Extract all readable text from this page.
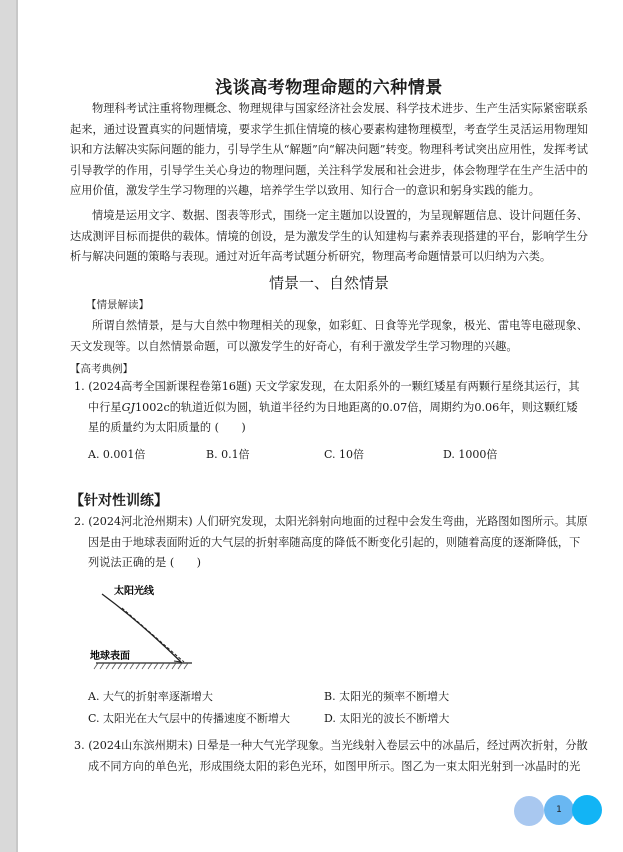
浅谈高考物理命题的六种情景
物理科考试注重将物理概念、物理规律与国家经济社会发展、科学技术进步、生产生活实际紧密联系起来，通过设置真实的问题情境，要求学生抓住情境的核心要素构建物理模型，考查学生灵活运用物理知识和方法解决实际问题的能力，引导学生从“解题”向“解决问题”转变。物理科考试突出应用性，发挥考试引导教学的作用，引导学生关心身边的物理问题，关注科学发展和社会进步，体会物理学在生产生活中的应用价值，激发学生学习物理的兴趣，培养学生学以致用、知行合一的意识和躬身实践的能力。
情境是运用文字、数据、图表等形式，围绕一定主题加以设置的，为呈现解题信息、设计问题任务、达成测评目标而提供的载体。情境的创设，是为激发学生的认知建构与素养表现搭建的平台，影响学生分析与解决问题的策略与表现。通过对近年高考试题分析研究，物理高考命题情景可以归纳为六类。
情景一、自然情景
【情景解读】
所谓自然情景，是与大自然中物理相关的现象，如彩虹、日食等光学现象，极光、雷电等电磁现象、天文发现等。以自然情景命题，可以激发学生的好奇心，有利于激发学生学习物理的兴趣。
【高考典例】
1. (2024高考全国新课程卷第16题) 天文学家发现，在太阳系外的一颗红矮星有两颗行星绕其运行，其中行星GJ1002c的轨道近似为圆，轨道半径约为日地距离的0.07倍，周期约为0.06年，则这颗红矮星的质量约为太阳质量的 (　　)
A. 0.001倍	B. 0.1倍	C. 10倍	D. 1000倍
【针对性训练】
2. (2024河北沧州期末) 人们研究发现，太阳光斜射向地面的过程中会发生弯曲，光路图如图所示。其原因是由于地球表面附近的大气层的折射率随高度的降低不断变化引起的，则随着高度的逐渐降低，下列说法正确的是 (　　)
太阳光线
地球表面
A. 大气的折射率逐渐增大	B. 太阳光的频率不断增大
C. 太阳光在大气层中的传播速度不断增大	D. 太阳光的波长不断增大
3. (2024山东滨州期末) 日晕是一种大气光学现象。当光线射入卷层云中的冰晶后，经过两次折射，分散成不同方向的单色光，形成围绕太阳的彩色光环，如图甲所示。图乙为一束太阳光射到一冰晶时的光
1
